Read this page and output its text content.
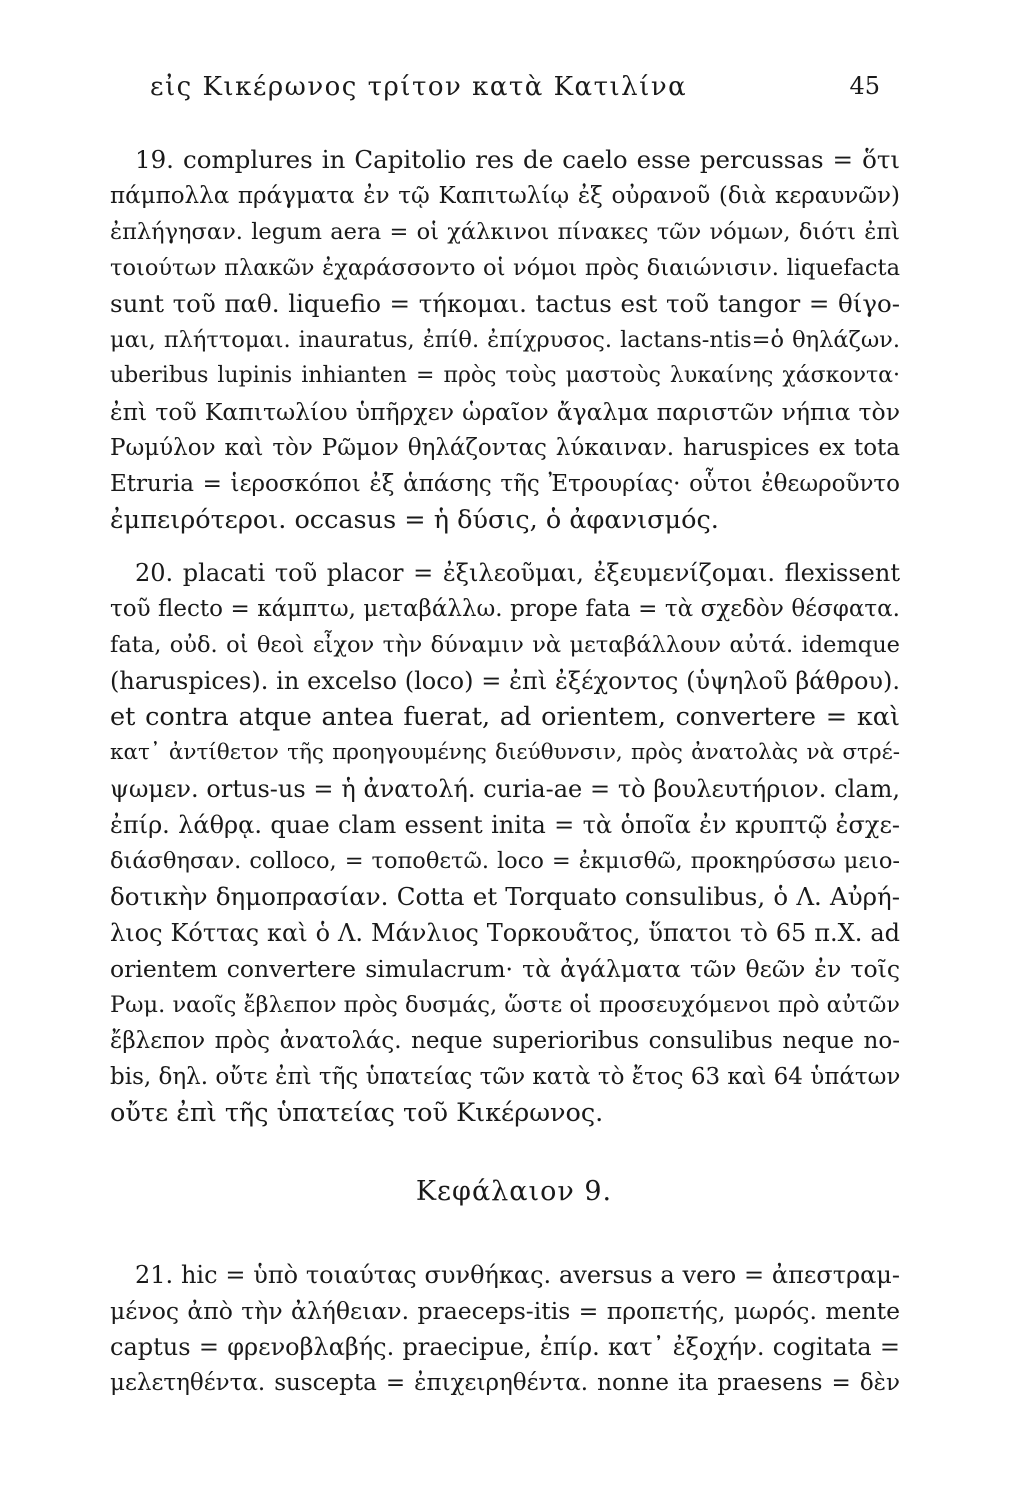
εἰς Κικέρωνος τρίτον κατὰ Κατιλίνα	45
19. complures in Capitolio res de caelo esse percussas = ὅτι
πάμπολλα πράγματα ἐν τῷ Καπιτωλίῳ ἐξ οὐρανοῦ (διὰ κεραυνῶν)
ἐπλήγησαν. legum aera = οἱ χάλκινοι πίνακες τῶν νόμων, διότι ἐπὶ
τοιούτων πλακῶν ἐχαράσσοντο οἱ νόμοι πρὸς διαιώνισιν. liquefacta
sunt τοῦ παθ. liquefio = τήκομαι. tactus est τοῦ tangor = θίγο-
μαι, πλήττομαι. inauratus, ἐπίθ. ἐπίχρυσος. lactans-ntis=ὁ θηλάζων.
uberibus lupinis inhianten = πρὸς τοὺς μαστοὺς λυκαίνης χάσκοντα·
ἐπὶ τοῦ Καπιτωλίου ὑπῆρχεν ὡραῖον ἄγαλμα παριστῶν νήπια τὸν
Ρωμύλον καὶ τὸν Ρῶμον θηλάζοντας λύκαιναν. haruspices ex tota
Etruria = ἱεροσκόποι ἐξ ἁπάσης τῆς Ἐτρουρίας· οὗτοι ἐθεωροῦντο
ἐμπειρότεροι. occasus = ἡ δύσις, ὁ ἀφανισμός.
20. placati τοῦ placor = ἐξιλεοῦμαι, ἐξευμενίζομαι. flexissent
τοῦ flecto = κάμπτω, μεταβάλλω. prope fata = τὰ σχεδὸν θέσφατα.
fata, οὐδ. οἱ θεοὶ εἶχον τὴν δύναμιν νὰ μεταβάλλουν αὐτά. idemque
(haruspices). in excelso (loco) = ἐπὶ ἐξέχοντος (ὑψηλοῦ βάθρου).
et contra atque antea fuerat, ad orientem, convertere = καὶ
κατ᾽ ἀντίθετον τῆς προηγουμένης διεύθυνσιν, πρὸς ἀνατολὰς νὰ στρέ-
ψωμεν. ortus-us = ἡ ἀνατολή. curia-ae = τὸ βουλευτήριον. clam,
ἐπίρ. λάθρᾳ. quae clam essent inita = τὰ ὁποῖα ἐν κρυπτῷ ἐσχε-
διάσθησαν. colloco, = τοποθετῶ. loco = ἐκμισθῶ, προκηρύσσω μειο-
δοτικὴν δημοπρασίαν. Cotta et Torquato consulibus, ὁ Λ. Αὐρή-
λιος Κόττας καὶ ὁ Λ. Μάνλιος Τορκουᾶτος, ὕπατοι τὸ 65 π.Χ. ad
orientem convertere simulacrum· τὰ ἀγάλματα τῶν θεῶν ἐν τοῖς
Ρωμ. ναοῖς ἔβλεπον πρὸς δυσμάς, ὥστε οἱ προσευχόμενοι πρὸ αὐτῶν
ἔβλεπον πρὸς ἀνατολάς. neque superioribus consulibus neque no-
bis, δηλ. οὔτε ἐπὶ τῆς ὑπατείας τῶν κατὰ τὸ ἔτος 63 καὶ 64 ὑπάτων
οὔτε ἐπὶ τῆς ὑπατείας τοῦ Κικέρωνος.
Κεφάλαιον 9.
21. hic = ὑπὸ τοιαύτας συνθήκας. aversus a vero = ἀπεστραμ-
μένος ἀπὸ τὴν ἀλήθειαν. praeceps-itis = προπετής, μωρός. mente
captus = φρενοβλαβής. praecipue, ἐπίρ. κατ᾽ ἐξοχήν. cogitata =
μελετηθέντα. suscepta = ἐπιχειρηθέντα. nonne ita praesens = δὲν
